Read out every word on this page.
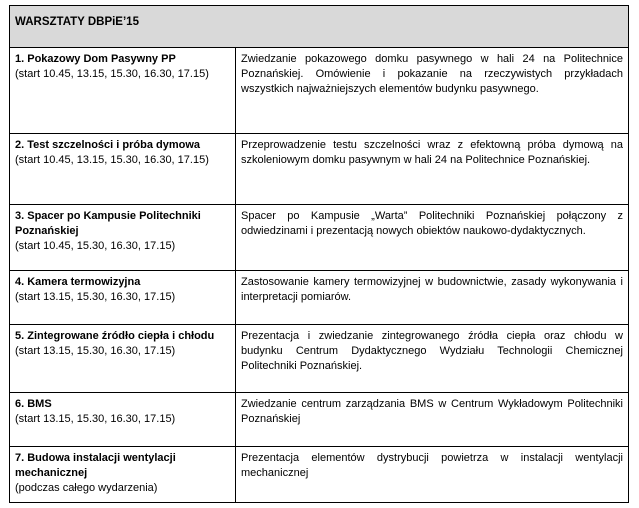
WARSZTATY DBPiE’15	

1. Pokazowy Dom Pasywny PP
(start 10.45, 13.15, 15.30, 16.30, 17.15)	Zwiedzanie pokazowego domku pasywnego w hali 24 na Politechnice Poznańskiej. Omówienie i pokazanie na rzeczywistych przykładach wszystkich najważniejszych elementów budynku pasywnego.

2. Test szczelności i próba dymowa
(start 10.45, 13.15, 15.30, 16.30, 17.15)	Przeprowadzenie testu szczelności wraz z efektowną próba dymową na szkoleniowym domku pasywnym w hali 24 na Politechnice Poznańskiej.

3. Spacer po Kampusie Politechniki Poznańskiej
(start 10.45, 15.30, 16.30, 17.15)	Spacer po Kampusie „Warta” Politechniki Poznańskiej połączony z odwiedzinami i prezentacją nowych obiektów naukowo-dydaktycznych.

4. Kamera termowizyjna
(start 13.15, 15.30, 16.30, 17.15)	Zastosowanie kamery termowizyjnej w budownictwie, zasady wykonywania i interpretacji pomiarów.

5. Zintegrowane źródło ciepła i chłodu
(start 13.15, 15.30, 16.30, 17.15)	Prezentacja i zwiedzanie zintegrowanego źródła ciepła oraz chłodu w budynku Centrum Dydaktycznego Wydziału Technologii Chemicznej Politechniki Poznańskiej.

6. BMS
(start 13.15, 15.30, 16.30, 17.15)	Zwiedzanie centrum zarządzania BMS w Centrum Wykładowym Politechniki Poznańskiej

7. Budowa instalacji wentylacji mechanicznej
(podczas całego wydarzenia)	Prezentacja elementów dystrybucji powietrza w instalacji wentylacji mechanicznej
